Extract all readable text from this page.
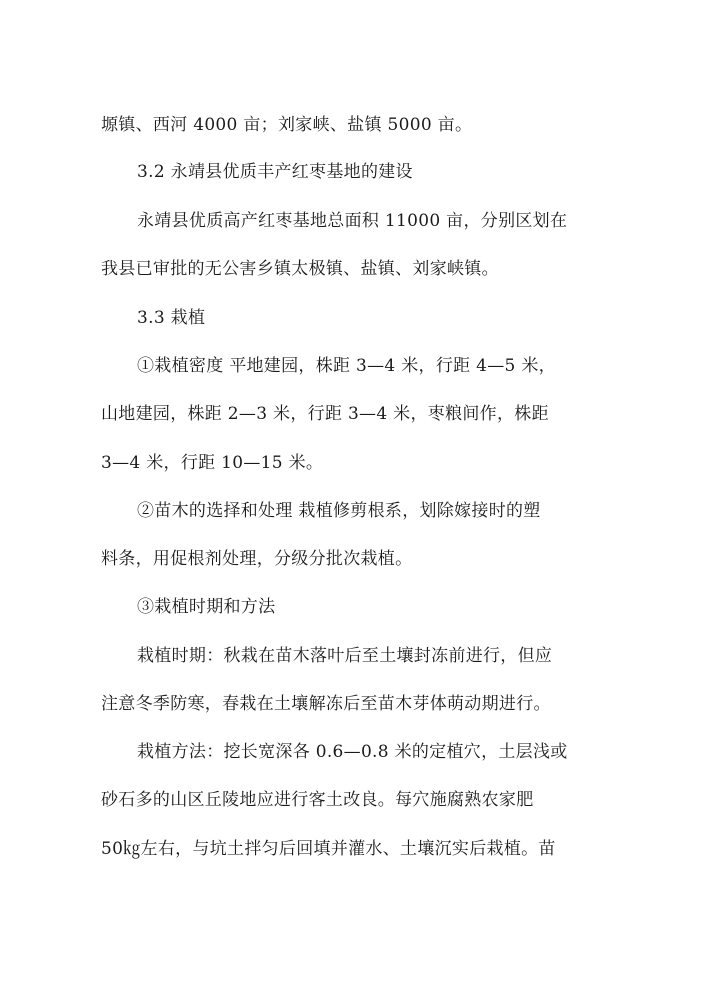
塬镇、西河 4000 亩；刘家峡、盐镇 5000 亩。
3.2 永靖县优质丰产红枣基地的建设
永靖县优质高产红枣基地总面积 11000 亩，分别区划在
我县已审批的无公害乡镇太极镇、盐镇、刘家峡镇。
3.3 栽植
①栽植密度 平地建园，株距 3—4 米，行距 4—5 米，
山地建园，株距 2—3 米，行距 3—4 米，枣粮间作，株距
3—4 米，行距 10—15 米。
②苗木的选择和处理 栽植修剪根系，划除嫁接时的塑
料条，用促根剂处理，分级分批次栽植。
③栽植时期和方法
栽植时期：秋栽在苗木落叶后至土壤封冻前进行，但应
注意冬季防寒，春栽在土壤解冻后至苗木芽体萌动期进行。
栽植方法：挖长宽深各 0.6—0.8 米的定植穴，土层浅或
砂石多的山区丘陵地应进行客土改良。每穴施腐熟农家肥
50㎏左右，与坑土拌匀后回填并灌水、土壤沉实后栽植。苗
